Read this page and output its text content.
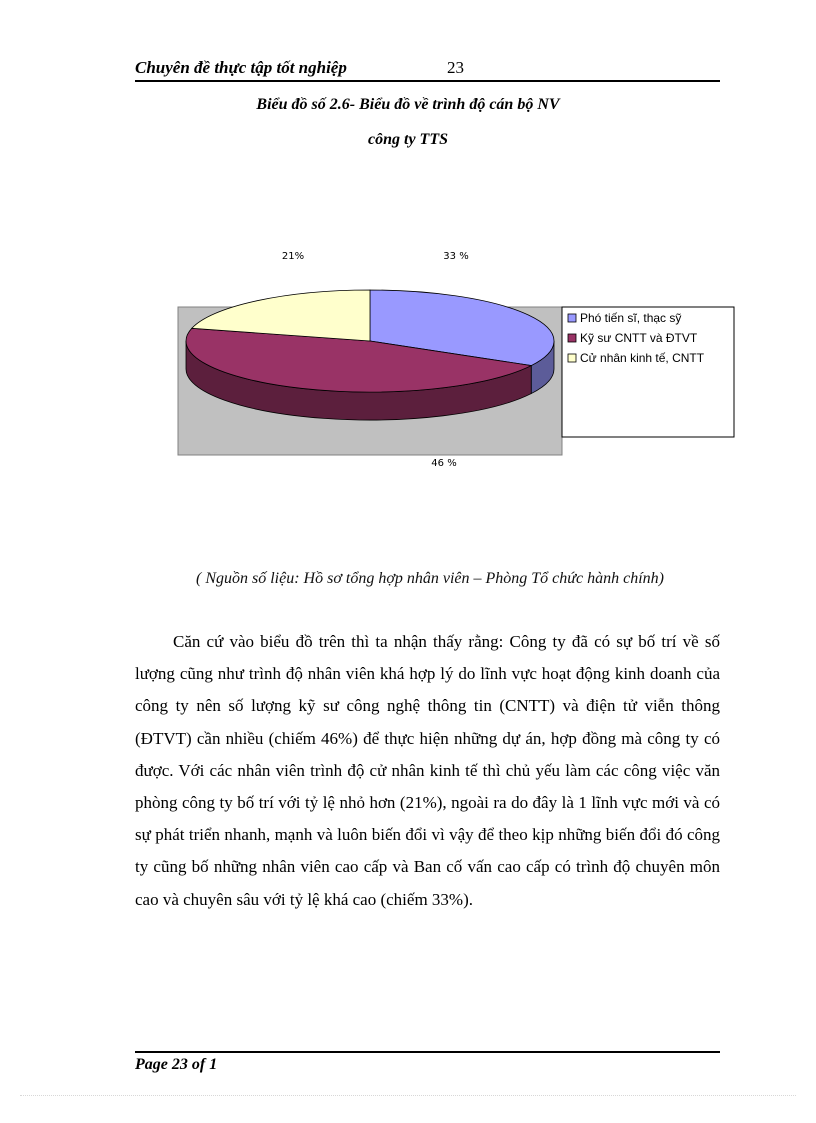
Chuyên đề thực tập tốt nghiệp	23
Biểu đồ số 2.6- Biểu đồ về trình độ cán bộ NV
công ty TTS
33 %
46 %
21%
Phó tiến sĩ, thạc sỹ
Kỹ sư CNTT và ĐTVT
Cử nhân kinh tế, CNTT
( Nguồn số liệu: Hồ sơ tổng hợp nhân viên – Phòng Tổ chức hành chính)

Căn cứ vào biểu đồ trên thì ta nhận thấy rằng: Công ty đã có sự bố trí về số lượng cũng như trình độ nhân viên khá hợp lý do lĩnh vực hoạt động kinh doanh của công ty nên số lượng kỹ sư công nghệ thông tin (CNTT) và điện tử viễn thông (ĐTVT) cần nhiều (chiếm 46%) để thực hiện những dự án, hợp đồng mà công ty có được. Với các nhân viên trình độ cử nhân kinh tế thì chủ yếu làm các công việc văn phòng công ty bố trí với tỷ lệ nhỏ hơn (21%), ngoài ra do đây là 1 lĩnh vực mới và có sự phát triển nhanh, mạnh và luôn biến đổi vì vậy để theo kịp những biến đổi đó công ty cũng bố những nhân viên cao cấp và Ban cố vấn cao cấp có trình độ chuyên môn cao và chuyên sâu với tỷ lệ khá cao (chiếm 33%).

Page 23 of 1
